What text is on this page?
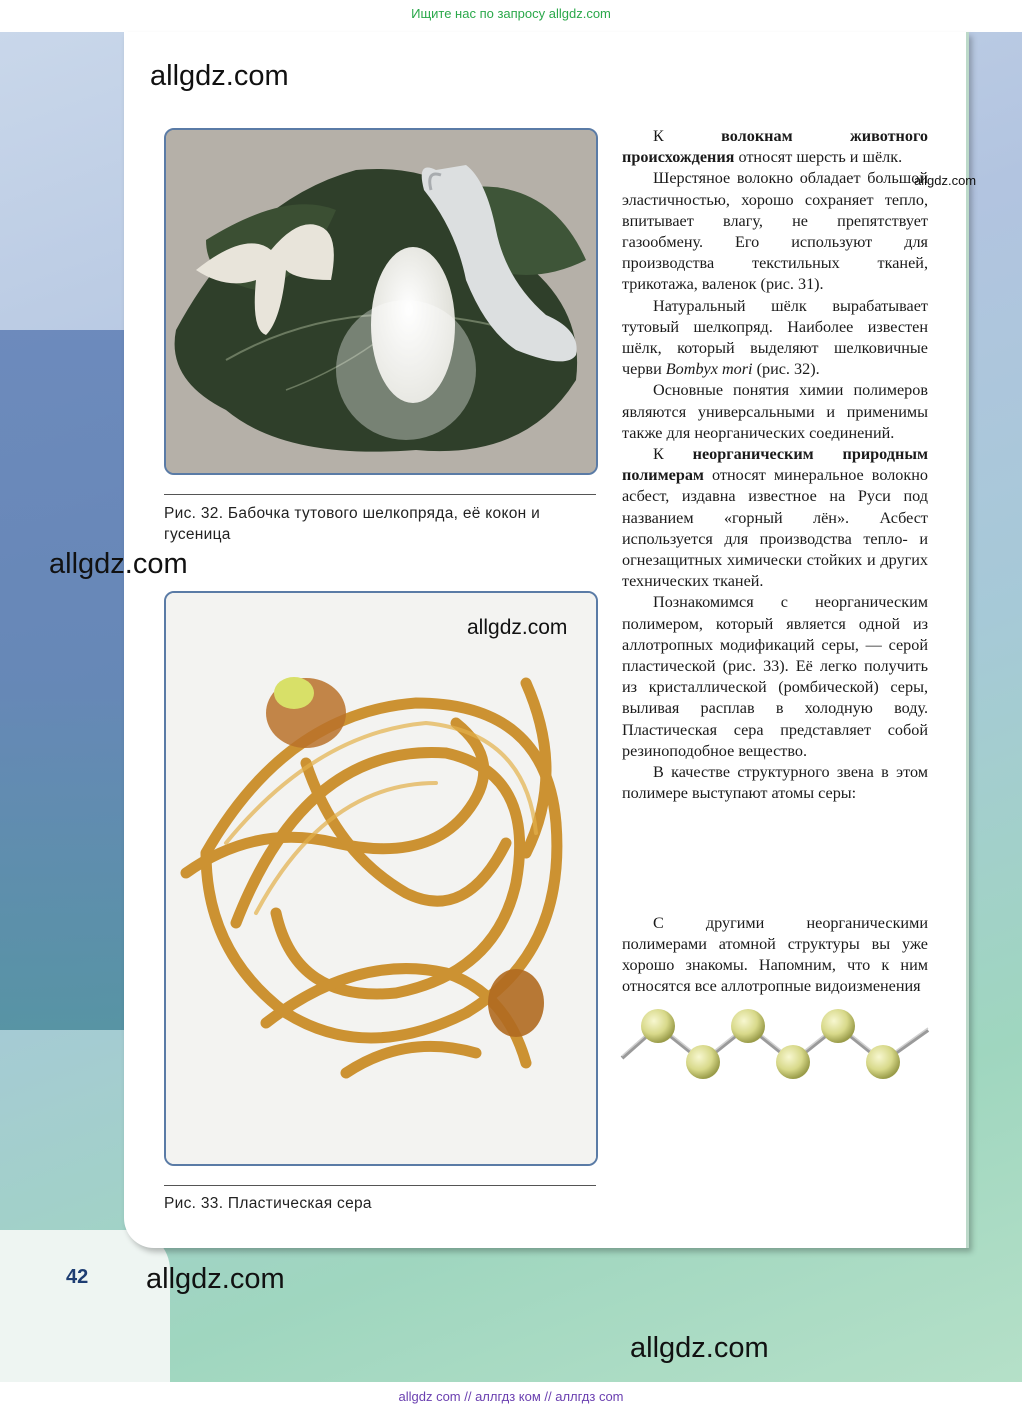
Ищите нас по запросу allgdz.com
Рис. 32. Бабочка тутового шелкопряда, её кокон и гусеница
Рис. 33. Пластическая сера

К волокнам животного происхождения относят шерсть и шёлк.

Шерстяное волокно обладает большой эластичностью, хорошо сохраняет тепло, впитывает влагу, не препятствует газообмену. Его используют для производства текстильных тканей, трикотажа, валенок (рис. 31).

Натуральный шёлк вырабатывает тутовый шелкопряд. Наиболее известен шёлк, который выделяют шелковичные черви Bombyx mori (рис. 32).

Основные понятия химии полимеров являются универсальными и применимы также для неорганических соединений.

К неорганическим природным полимерам относят минеральное волокно асбест, издавна известное на Руси под названием «горный лён». Асбест используется для производства тепло- и огнезащитных химически стойких и других технических тканей.

Познакомимся с неорганическим полимером, который является одной из аллотропных модификаций серы, — серой пластической (рис. 33). Её легко получить из кристаллической (ромбической) серы, выливая расплав в холодную воду. Пластическая сера представляет собой резиноподобное вещество.

В качестве структурного звена в этом полимере выступают атомы серы:

С другими неорганическими полимерами атомной структуры вы уже хорошо знакомы. Напомним, что к ним относятся все аллотропные видоизменения

42
allgdz.com
allgdz.com
allgdz.com
allgdz.com
allgdz.com
allgdz.com
allgdz com // аллгдз ком // аллгдз com
